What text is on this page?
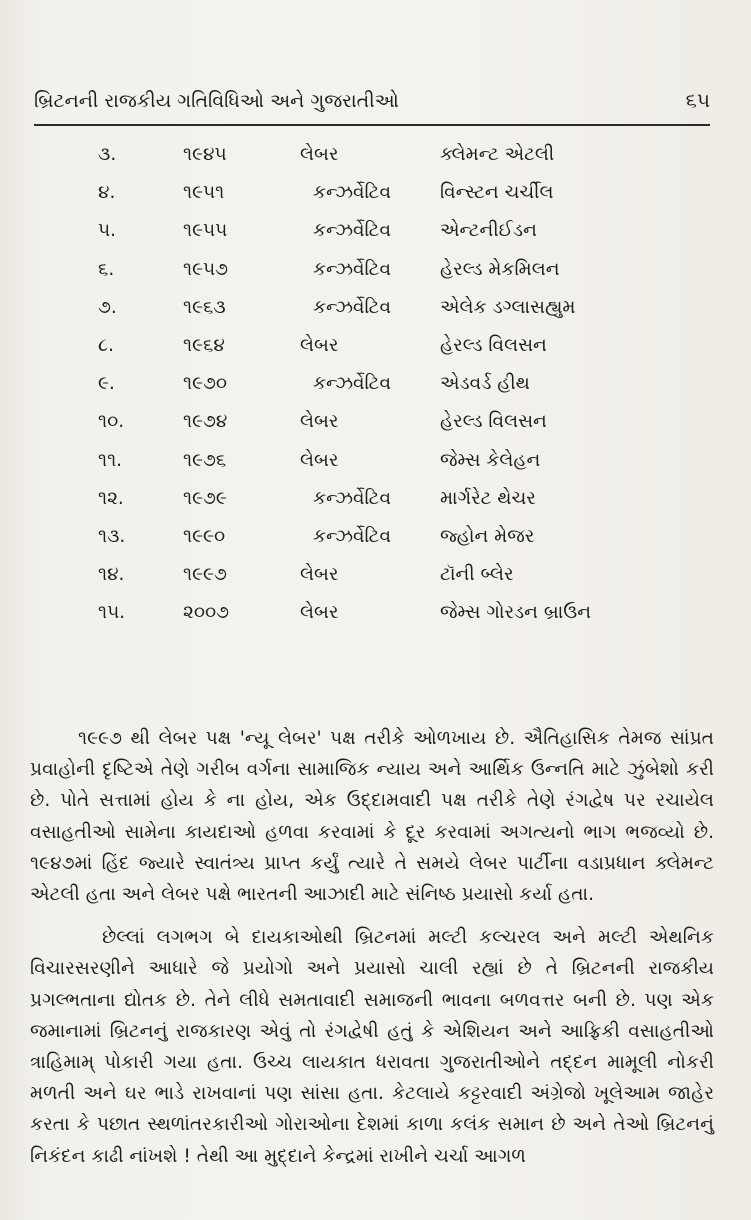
બ્રિટનની રાજકીય ગતિવિધિઓ અને ગુજરાતીઓ	૬૫
૩.	૧૯૪૫	લેબર	ક્લેમન્ટ એટલી
૪.	૧૯૫૧	કન્ઝર્વેટિવ	વિન્સ્ટન ચર્ચીલ
૫.	૧૯૫૫	કન્ઝર્વેટિવ	એન્ટનીઈડન
૬.	૧૯૫૭	કન્ઝર્વેટિવ	હેરલ્ડ મેકમિલન
૭.	૧૯૬૩	કન્ઝર્વેટિવ	એલેક ડગ્લાસહ્યુમ
૮.	૧૯૬૪	લેબર	હેરલ્ડ વિલસન
૯.	૧૯૭૦	કન્ઝર્વેટિવ	એડવર્ડ હીથ
૧૦.	૧૯૭૪	લેબર	હેરલ્ડ વિલસન
૧૧.	૧૯૭૬	લેબર	જેમ્સ કેલેહન
૧૨.	૧૯૭૯	કન્ઝર્વેટિવ	માર્ગરેટ થેચર
૧૩.	૧૯૯૦	કન્ઝર્વેટિવ	જ્હોન મેજર
૧૪.	૧૯૯૭	લેબર	ટૉની બ્લેર
૧૫.	૨૦૦૭	લેબર	જેમ્સ ગોરડન બ્રાઉન

૧૯૯૭ થી લેબર પક્ષ 'ન્યૂ લેબર' પક્ષ તરીકે ઓળખાય છે. ઐતિહાસિક તેમજ સાંપ્રત પ્રવાહોની દૃષ્ટિએ તેણે ગરીબ વર્ગના સામાજિક ન્યાય અને આર્થિક ઉન્નતિ માટે ઝુંબેશો કરી છે. પોતે સત્તામાં હોય કે ના હોય, એક ઉદ્દામવાદી પક્ષ તરીકે તેણે રંગદ્વેષ પર રચાયેલ વસાહતીઓ સામેના કાયદાઓ હળવા કરવામાં કે દૂર કરવામાં અગત્યનો ભાગ ભજવ્યો છે. ૧૯૪૭માં હિંદ જ્યારે સ્વાતંત્ર્ય પ્રાપ્ત કર્યું ત્યારે તે સમયે લેબર પાર્ટીના વડાપ્રધાન ક્લેમન્ટ એટલી હતા અને લેબર પક્ષે ભારતની આઝાદી માટે સંનિષ્ઠ પ્રયાસો કર્યા હતા.

છેલ્લાં લગભગ બે દાયકાઓથી બ્રિટનમાં મલ્ટી કલ્ચરલ અને મલ્ટી એથનિક વિચારસરણીને આધારે જે પ્રયોગો અને પ્રયાસો ચાલી રહ્યાં છે તે બ્રિટનની રાજકીય પ્રગલ્ભતાના દ્યોતક છે. તેને લીધે સમતાવાદી સમાજની ભાવના બળવત્તર બની છે. પણ એક જમાનામાં બ્રિટનનું રાજકારણ એવું તો રંગદ્વેષી હતું કે એશિયન અને આફ્રિકી વસાહતીઓ ત્રાહિમામ્ પોકારી ગયા હતા. ઉચ્ચ લાયકાત ધરાવતા ગુજરાતીઓને તદ્દન મામૂલી નોકરી મળતી અને ઘર ભાડે રાખવાનાં પણ સાંસા હતા. કેટલાયે કટ્ટરવાદી અંગ્રેજો ખૂલેઆમ જાહેર કરતા કે પછાત સ્થળાંતરકારીઓ ગોરાઓના દેશમાં કાળા કલંક સમાન છે અને તેઓ બ્રિટનનું નિકંદન કાઢી નાંખશે ! તેથી આ મુદ્દાને કેન્દ્રમાં રાખીને ચર્ચા આગળ
